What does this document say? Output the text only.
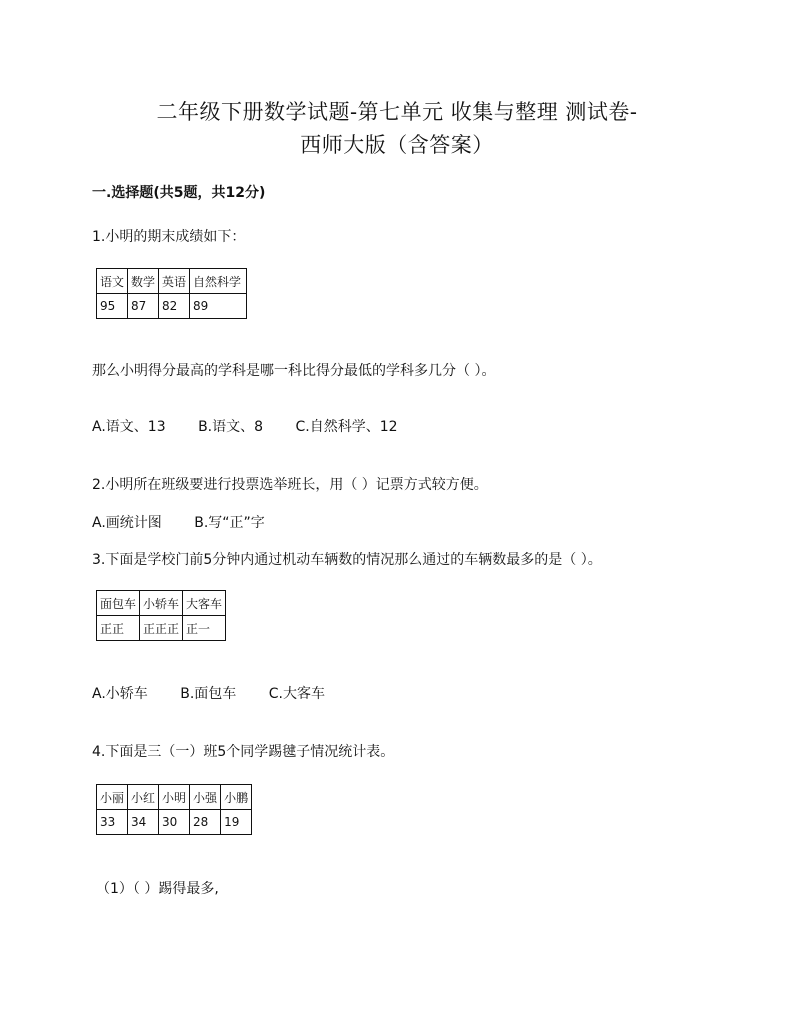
二年级下册数学试题-第七单元 收集与整理 测试卷-
西师大版（含答案）
一.选择题(共5题，共12分)
1.小明的期末成绩如下：
语文	数学	英语	自然科学
95	87	82	89
那么小明得分最高的学科是哪一科比得分最低的学科多几分（ ）。
A.语文、13 B.语文、8 C.自然科学、12
2.小明所在班级要进行投票选举班长，用（ ）记票方式较方便。
A.画统计图 B.写“正”字
3.下面是学校门前5分钟内通过机动车辆数的情况那么通过的车辆数最多的是（ ）。
面包车	小轿车	大客车
正正	正正正	正一
A.小轿车 B.面包车 C.大客车
4.下面是三（一）班5个同学踢毽子情况统计表。
小丽	小红	小明	小强	小鹏
33	34	30	28	19
（1）（ ）踢得最多,
